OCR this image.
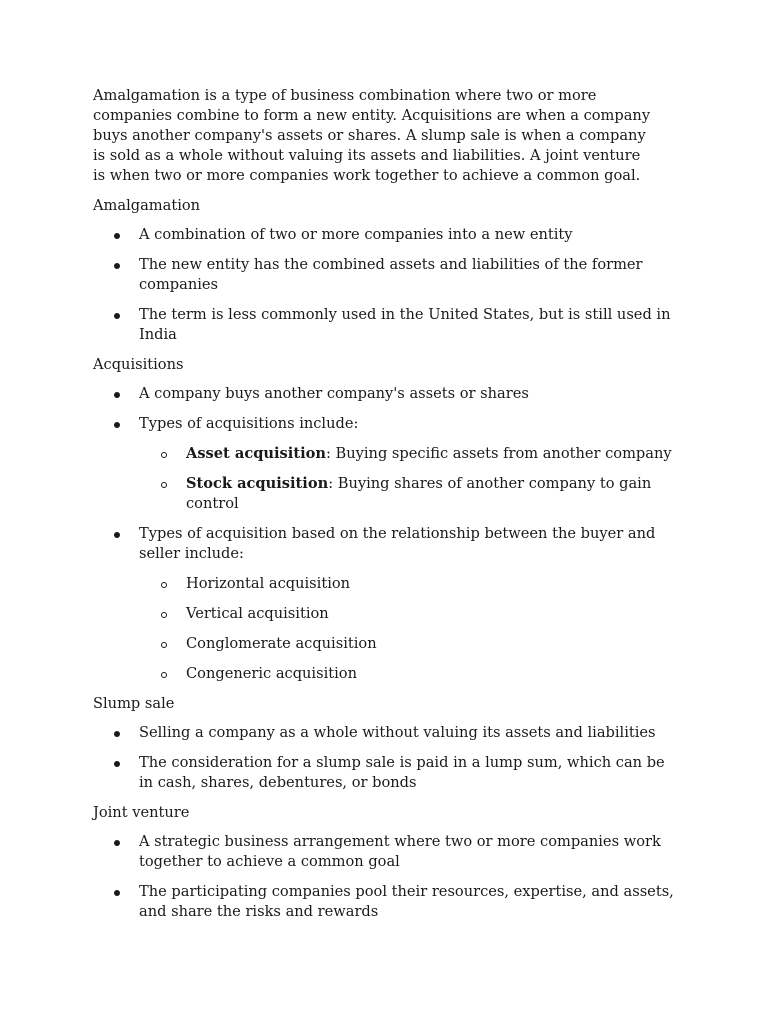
Amalgamation is a type of business combination where two or more companies combine to form a new entity. Acquisitions are when a company buys another company's assets or shares. A slump sale is when a company is sold as a whole without valuing its assets and liabilities. A joint venture is when two or more companies work together to achieve a common goal.

Amalgamation
A combination of two or more companies into a new entity
The new entity has the combined assets and liabilities of the former companies
The term is less commonly used in the United States, but is still used in India
Acquisitions
A company buys another company's assets or shares
Types of acquisitions include:
Asset acquisition: Buying specific assets from another company
Stock acquisition: Buying shares of another company to gain control
Types of acquisition based on the relationship between the buyer and seller include:
Horizontal acquisition
Vertical acquisition
Conglomerate acquisition
Congeneric acquisition
Slump sale
Selling a company as a whole without valuing its assets and liabilities
The consideration for a slump sale is paid in a lump sum, which can be in cash, shares, debentures, or bonds
Joint venture
A strategic business arrangement where two or more companies work together to achieve a common goal
The participating companies pool their resources, expertise, and assets, and share the risks and rewards
